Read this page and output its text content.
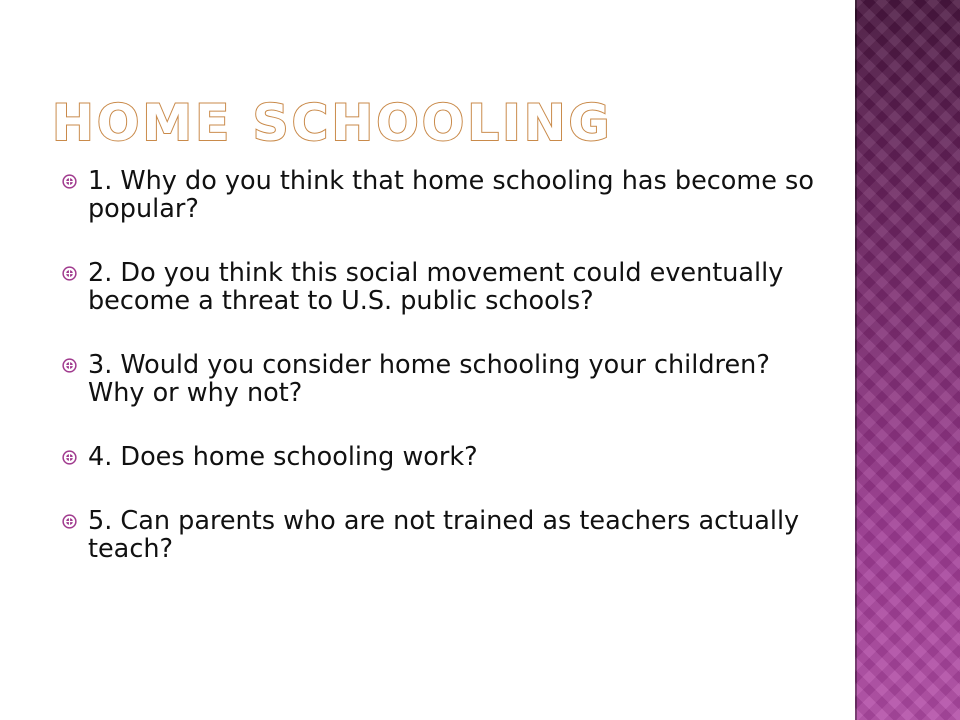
HOME SCHOOLING
1. Why do you think that home schooling has become so popular?
2. Do you think this social movement could eventually become a threat to U.S. public schools?
3. Would you consider home schooling your children? Why or why not?
4. Does home schooling work?
5. Can parents who are not trained as teachers actually teach?
